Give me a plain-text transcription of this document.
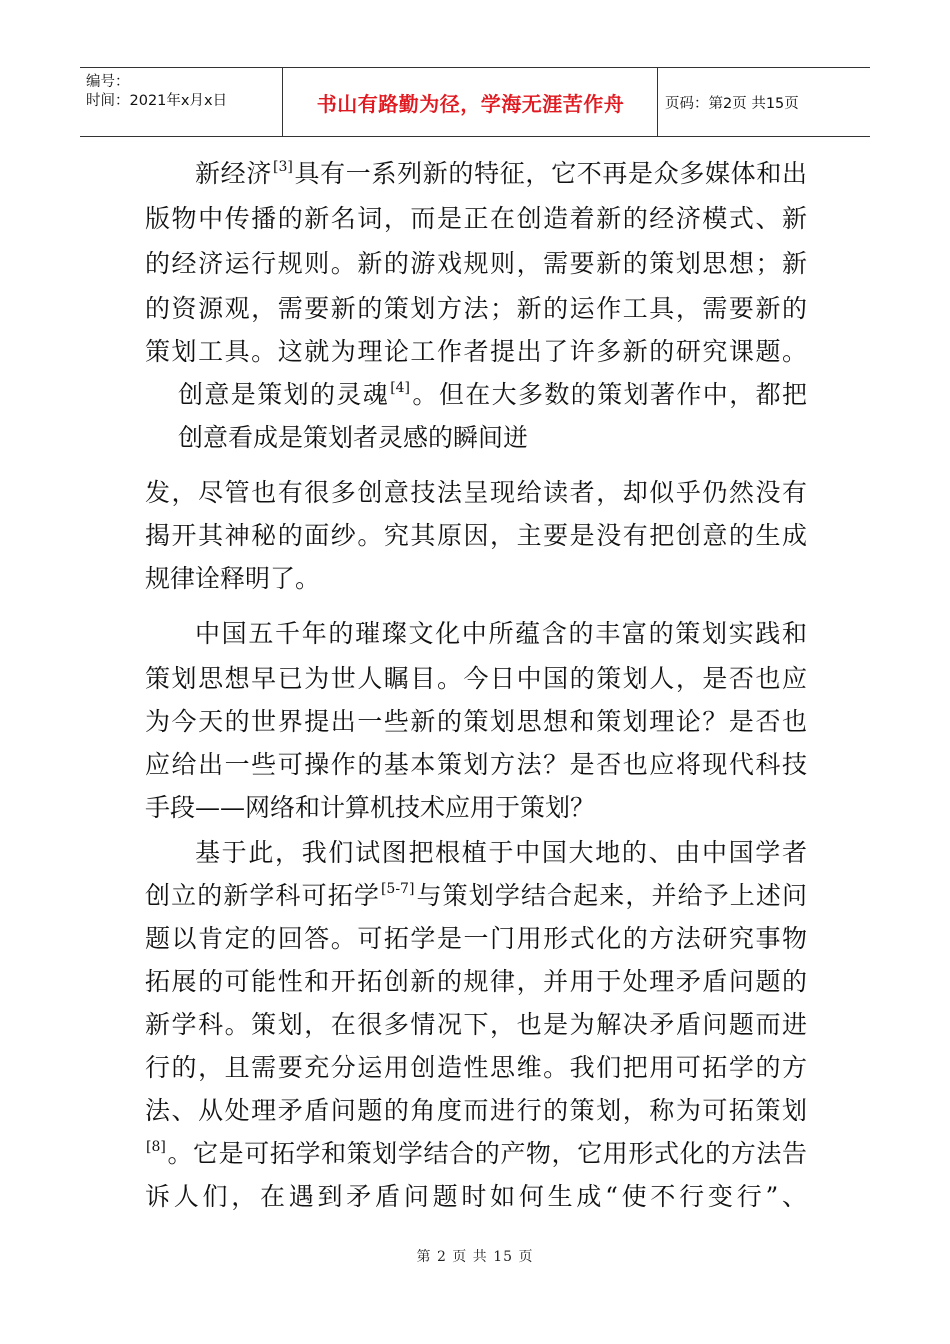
编号：
时间：2021年x月x日	书山有路勤为径，学海无涯苦作舟	页码：第2页 共15页
新经济[3]具有一系列新的特征，它不再是众多媒体和出
版物中传播的新名词，而是正在创造着新的经济模式、新
的经济运行规则。新的游戏规则，需要新的策划思想；新
的资源观，需要新的策划方法；新的运作工具，需要新的
策划工具。这就为理论工作者提出了许多新的研究课题。
创意是策划的灵魂[4]。但在大多数的策划著作中，都把
创意看成是策划者灵感的瞬间迸
发，尽管也有很多创意技法呈现给读者，却似乎仍然没有
揭开其神秘的面纱。究其原因，主要是没有把创意的生成
规律诠释明了。
中国五千年的璀璨文化中所蕴含的丰富的策划实践和
策划思想早已为世人瞩目。今日中国的策划人，是否也应
为今天的世界提出一些新的策划思想和策划理论？是否也
应给出一些可操作的基本策划方法？是否也应将现代科技
手段——网络和计算机技术应用于策划？
基于此，我们试图把根植于中国大地的、由中国学者
创立的新学科可拓学[5-7]与策划学结合起来，并给予上述问
题以肯定的回答。可拓学是一门用形式化的方法研究事物
拓展的可能性和开拓创新的规律，并用于处理矛盾问题的
新学科。策划，在很多情况下，也是为解决矛盾问题而进
行的，且需要充分运用创造性思维。我们把用可拓学的方
法、从处理矛盾问题的角度而进行的策划，称为可拓策划
[8]。它是可拓学和策划学结合的产物，它用形式化的方法告
诉人们，在遇到矛盾问题时如何生成“使不行变行”、
第 2 页 共 15 页
